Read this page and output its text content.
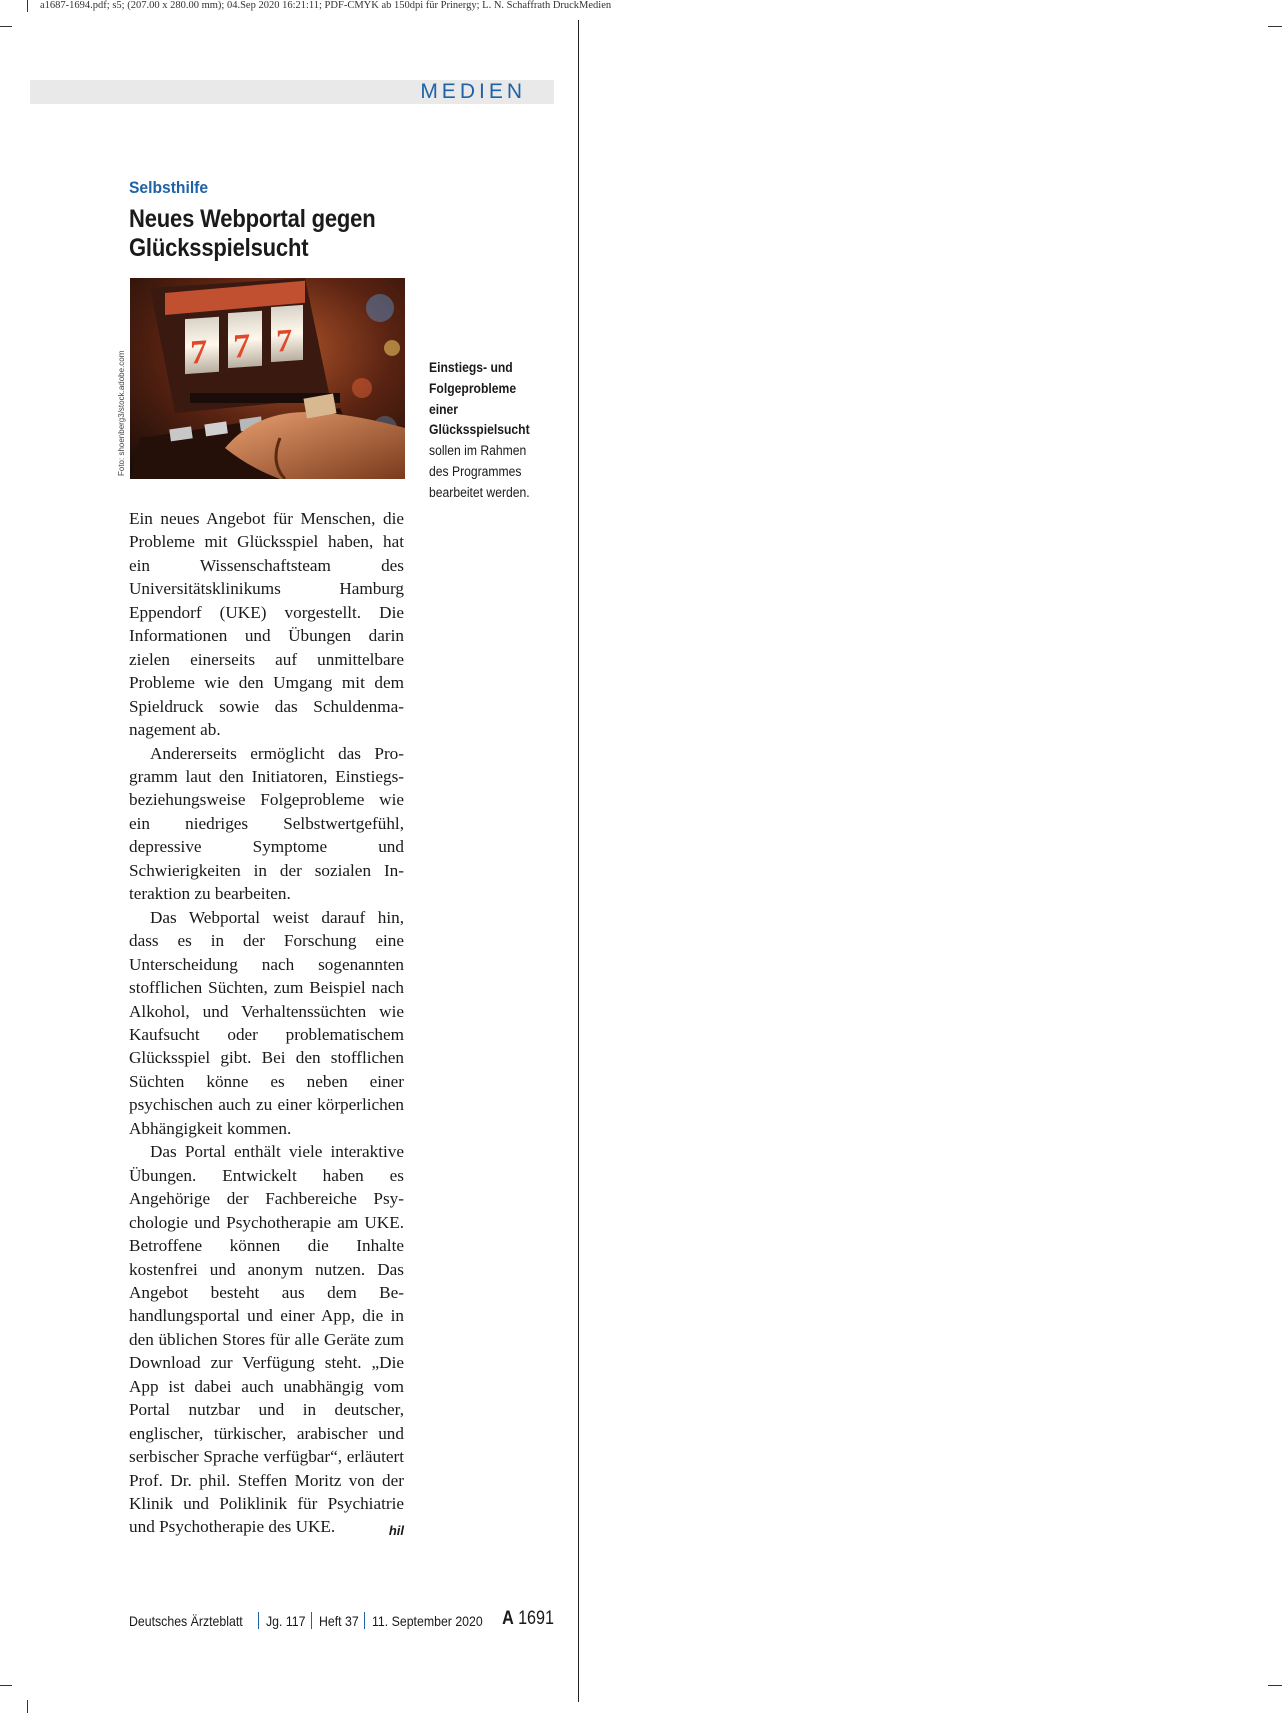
a1687-1694.pdf; s5; (207.00 x 280.00 mm); 04.Sep 2020 16:21:11; PDF-CMYK ab 150dpi für Prinergy; L. N. Schaffrath DruckMedien
MEDIEN
Selbsthilfe
Neues Webportal gegen
Glücksspielsucht
7 7 7
Foto: shoenberg3/stock.adobe.com	Einstiegs- und Folgeprobleme einer Glücksspielsucht sollen im Rahmen des Programmes bearbeitet werden.

Ein neues Angebot für Menschen, die Probleme mit Glücksspiel haben, hat ein Wissenschaftsteam des Universitätsklinikums Hamburg Eppendorf (UKE) vorgestellt. Die Informationen und Übungen darin zielen einerseits auf unmittelbare Probleme wie den Umgang mit dem Spieldruck sowie das Schuldenmanagement ab.

Andererseits ermöglicht das Programm laut den Initiatoren, Einstiegs- beziehungsweise Folgeprobleme wie ein niedriges Selbstwertgefühl, depressive Symptome und Schwierigkeiten in der sozialen Interaktion zu bearbeiten.

Das Webportal weist darauf hin, dass es in der Forschung eine Unterscheidung nach sogenannten stofflichen Süchten, zum Beispiel nach Alkohol, und Verhaltenssüchten wie Kaufsucht oder problematischem Glücksspiel gibt. Bei den stofflichen Süchten könne es neben einer psychischen auch zu einer körperlichen Abhängigkeit kommen.

Das Portal enthält viele interaktive Übungen. Entwickelt haben es Angehörige der Fachbereiche Psychologie und Psychotherapie am UKE. Betroffene können die Inhalte kostenfrei und anonym nutzen. Das Angebot besteht aus dem Behandlungsportal und einer App, die in den üblichen Stores für alle Geräte zum Download zur Verfügung steht. „Die App ist dabei auch unabhängig vom Portal nutzbar und in deutscher, englischer, türkischer, arabischer und serbischer Sprache verfügbar“, erläutert Prof. Dr. phil. Steffen Moritz von der Klinik und Poliklinik für Psychiatrie und Psychotherapie des UKE.	hil

Deutsches Ärzteblatt Jg. 117 Heft 37 11. September 2020 A 1691
